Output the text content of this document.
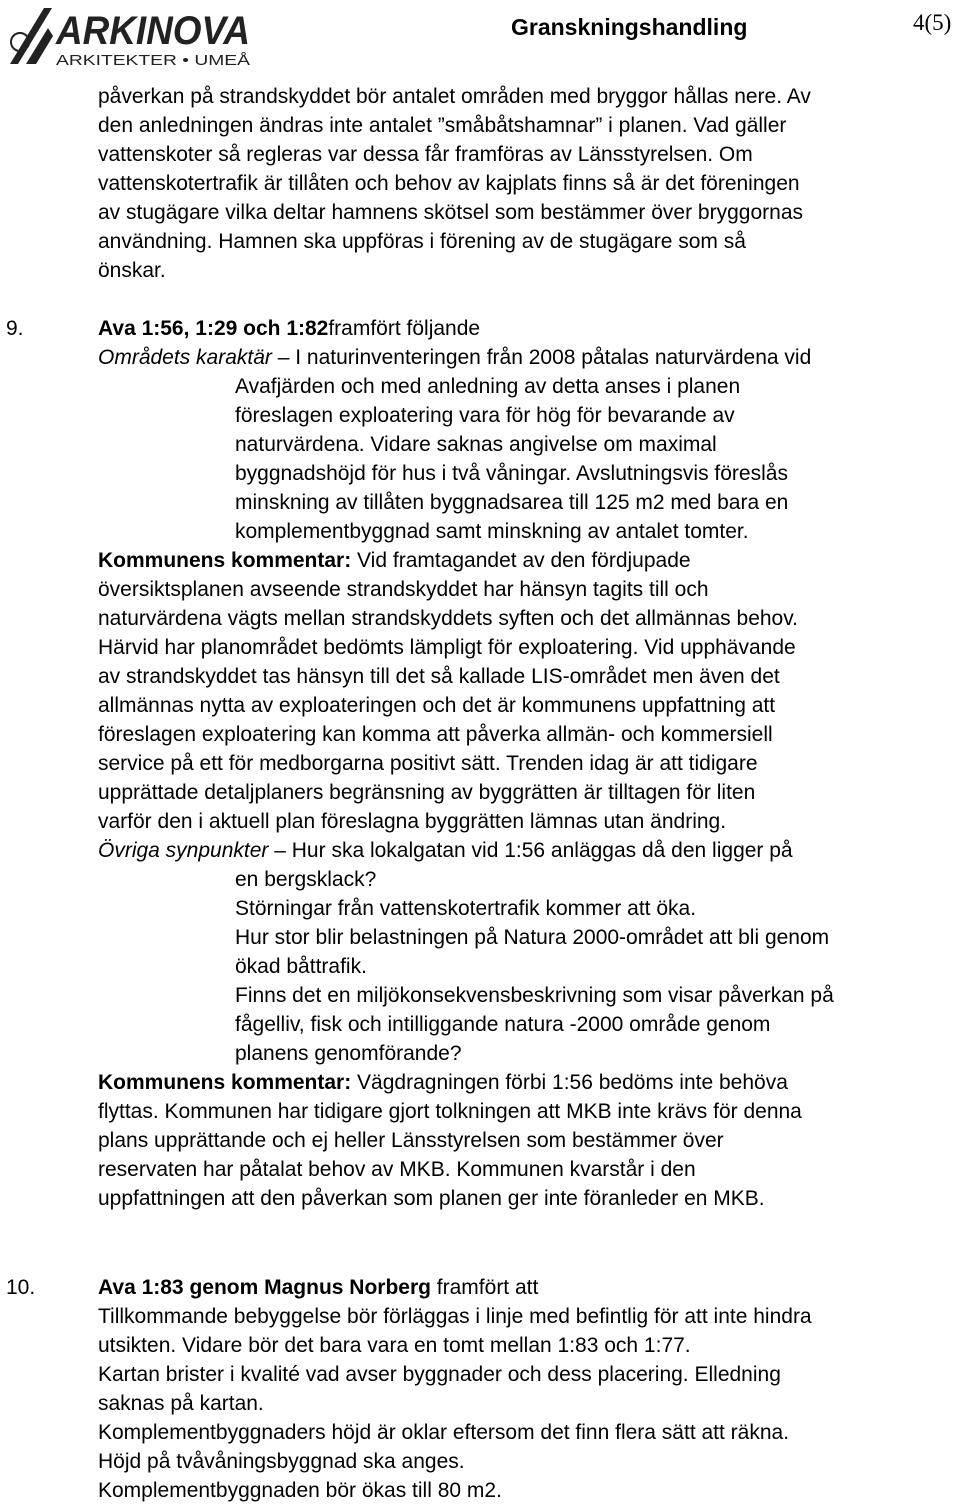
ARKINOVA
ARKITEKTER • UMEÅ
Granskningshandling	4(5)
påverkan på strandskyddet bör antalet områden med bryggor hållas nere. Av
den anledningen ändras inte antalet ”småbåtshamnar” i planen. Vad gäller
vattenskoter så regleras var dessa får framföras av Länsstyrelsen. Om
vattenskotertrafik är tillåten och behov av kajplats finns så är det föreningen
av stugägare vilka deltar hamnens skötsel som bestämmer över bryggornas
användning. Hamnen ska uppföras i förening av de stugägare som så
önskar.
9.	Ava 1:56, 1:29 och 1:82framfört följande
Områdets karaktär – I naturinventeringen från 2008 påtalas naturvärdena vid
Avafjärden och med anledning av detta anses i planen
föreslagen exploatering vara för hög för bevarande av
naturvärdena. Vidare saknas angivelse om maximal
byggnadshöjd för hus i två våningar. Avslutningsvis föreslås
minskning av tillåten byggnadsarea till 125 m2 med bara en
komplementbyggnad samt minskning av antalet tomter.
Kommunens kommentar: Vid framtagandet av den fördjupade
översiktsplanen avseende strandskyddet har hänsyn tagits till och
naturvärdena vägts mellan strandskyddets syften och det allmännas behov.
Härvid har planområdet bedömts lämpligt för exploatering. Vid upphävande
av strandskyddet tas hänsyn till det så kallade LIS-området men även det
allmännas nytta av exploateringen och det är kommunens uppfattning att
föreslagen exploatering kan komma att påverka allmän- och kommersiell
service på ett för medborgarna positivt sätt. Trenden idag är att tidigare
upprättade detaljplaners begränsning av byggrätten är tilltagen för liten
varför den i aktuell plan föreslagna byggrätten lämnas utan ändring.
Övriga synpunkter – Hur ska lokalgatan vid 1:56 anläggas då den ligger på
en bergsklack?
Störningar från vattenskotertrafik kommer att öka.
Hur stor blir belastningen på Natura 2000-området att bli genom
ökad båttrafik.
Finns det en miljökonsekvensbeskrivning som visar påverkan på
fågelliv, fisk och intilliggande natura -2000 område genom
planens genomförande?
Kommunens kommentar: Vägdragningen förbi 1:56 bedöms inte behöva
flyttas. Kommunen har tidigare gjort tolkningen att MKB inte krävs för denna
plans upprättande och ej heller Länsstyrelsen som bestämmer över
reservaten har påtalat behov av MKB. Kommunen kvarstår i den
uppfattningen att den påverkan som planen ger inte föranleder en MKB.
10.	Ava 1:83 genom Magnus Norberg framfört att
Tillkommande bebyggelse bör förläggas i linje med befintlig för att inte hindra
utsikten. Vidare bör det bara vara en tomt mellan 1:83 och 1:77.
Kartan brister i kvalité vad avser byggnader och dess placering. Elledning
saknas på kartan.
Komplementbyggnaders höjd är oklar eftersom det finn flera sätt att räkna.
Höjd på tvåvåningsbyggnad ska anges.
Komplementbyggnaden bör ökas till 80 m2.
